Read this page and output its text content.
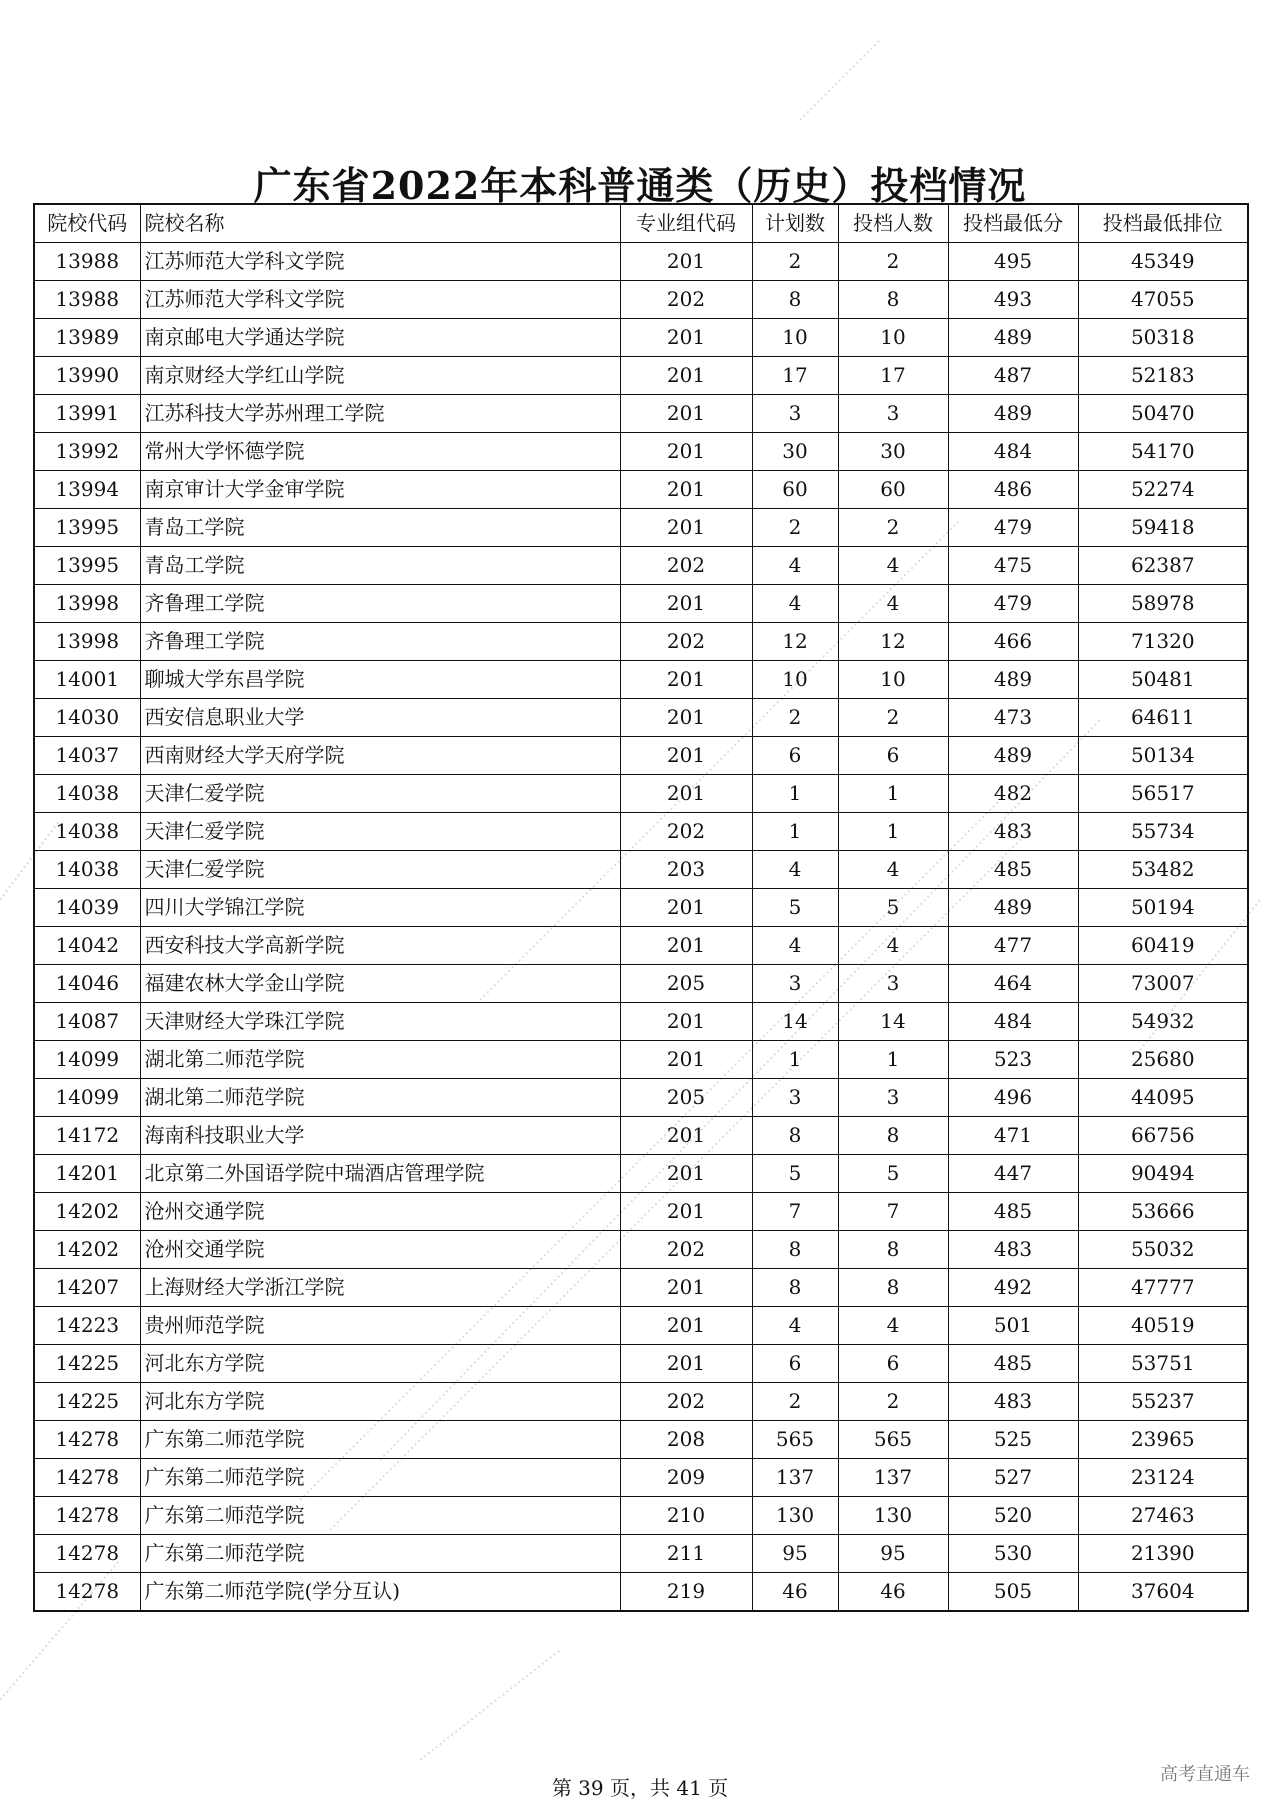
广东省2022年本科普通类（历史）投档情况
院校代码	院校名称	专业组代码	计划数	投档人数	投档最低分	投档最低排位
13988	江苏师范大学科文学院	201	2	2	495	45349
13988	江苏师范大学科文学院	202	8	8	493	47055
13989	南京邮电大学通达学院	201	10	10	489	50318
13990	南京财经大学红山学院	201	17	17	487	52183
13991	江苏科技大学苏州理工学院	201	3	3	489	50470
13992	常州大学怀德学院	201	30	30	484	54170
13994	南京审计大学金审学院	201	60	60	486	52274
13995	青岛工学院	201	2	2	479	59418
13995	青岛工学院	202	4	4	475	62387
13998	齐鲁理工学院	201	4	4	479	58978
13998	齐鲁理工学院	202	12	12	466	71320
14001	聊城大学东昌学院	201	10	10	489	50481
14030	西安信息职业大学	201	2	2	473	64611
14037	西南财经大学天府学院	201	6	6	489	50134
14038	天津仁爱学院	201	1	1	482	56517
14038	天津仁爱学院	202	1	1	483	55734
14038	天津仁爱学院	203	4	4	485	53482
14039	四川大学锦江学院	201	5	5	489	50194
14042	西安科技大学高新学院	201	4	4	477	60419
14046	福建农林大学金山学院	205	3	3	464	73007
14087	天津财经大学珠江学院	201	14	14	484	54932
14099	湖北第二师范学院	201	1	1	523	25680
14099	湖北第二师范学院	205	3	3	496	44095
14172	海南科技职业大学	201	8	8	471	66756
14201	北京第二外国语学院中瑞酒店管理学院	201	5	5	447	90494
14202	沧州交通学院	201	7	7	485	53666
14202	沧州交通学院	202	8	8	483	55032
14207	上海财经大学浙江学院	201	8	8	492	47777
14223	贵州师范学院	201	4	4	501	40519
14225	河北东方学院	201	6	6	485	53751
14225	河北东方学院	202	2	2	483	55237
14278	广东第二师范学院	208	565	565	525	23965
14278	广东第二师范学院	209	137	137	527	23124
14278	广东第二师范学院	210	130	130	520	27463
14278	广东第二师范学院	211	95	95	530	21390
14278	广东第二师范学院(学分互认)	219	46	46	505	37604
第 39 页，共 41 页
高考直通车
